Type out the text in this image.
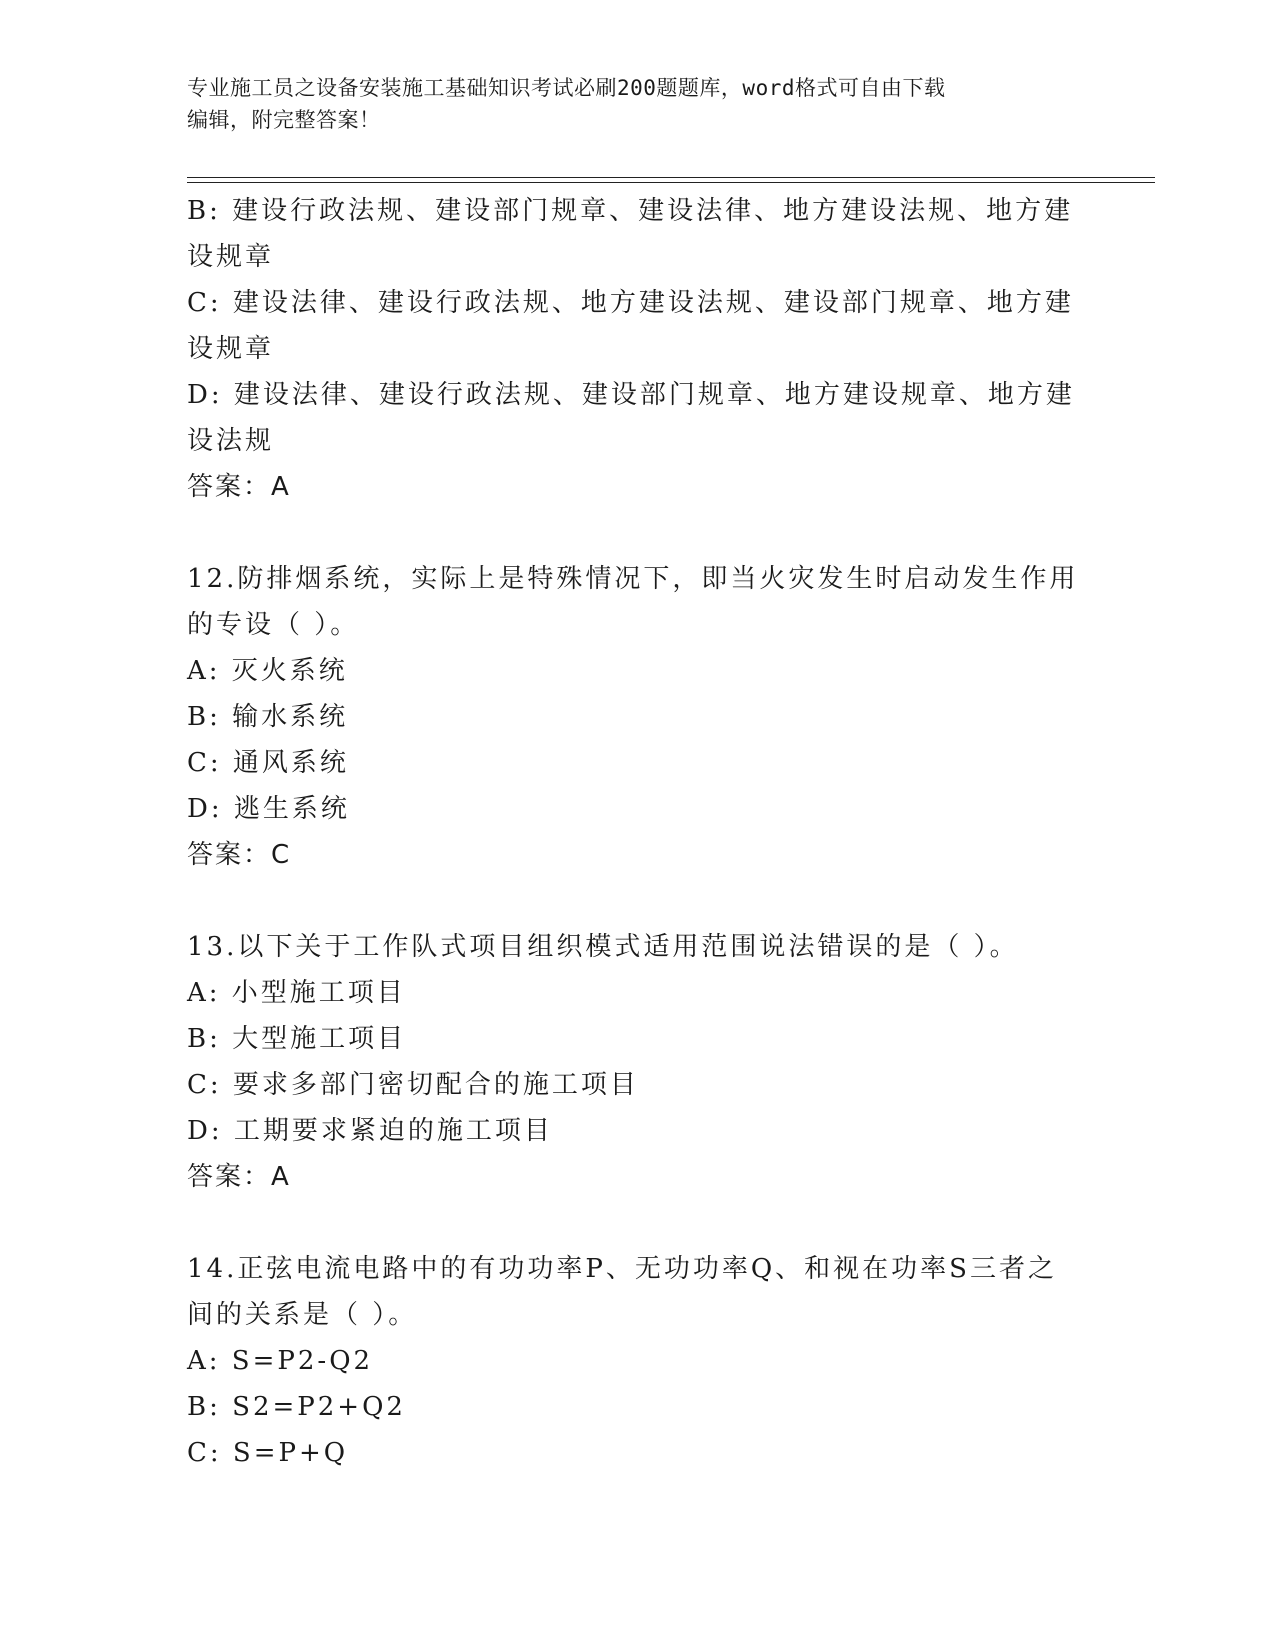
专业施工员之设备安装施工基础知识考试必刷200题题库，word格式可自由下载
编辑，附完整答案！
B: 建设行政法规、建设部门规章、建设法律、地方建设法规、地方建
设规章
C: 建设法律、建设行政法规、地方建设法规、建设部门规章、地方建
设规章
D: 建设法律、建设行政法规、建设部门规章、地方建设规章、地方建
设法规
答案：A
12.防排烟系统，实际上是特殊情况下，即当火灾发生时启动发生作用
的专设（ ）。
A: 灭火系统
B: 输水系统
C: 通风系统
D: 逃生系统
答案：C
13.以下关于工作队式项目组织模式适用范围说法错误的是（ ）。
A: 小型施工项目
B: 大型施工项目
C: 要求多部门密切配合的施工项目
D: 工期要求紧迫的施工项目
答案：A
14.正弦电流电路中的有功功率P、无功功率Q、和视在功率S三者之
间的关系是（ ）。
A: S=P2-Q2
B: S2=P2+Q2
C: S=P+Q
